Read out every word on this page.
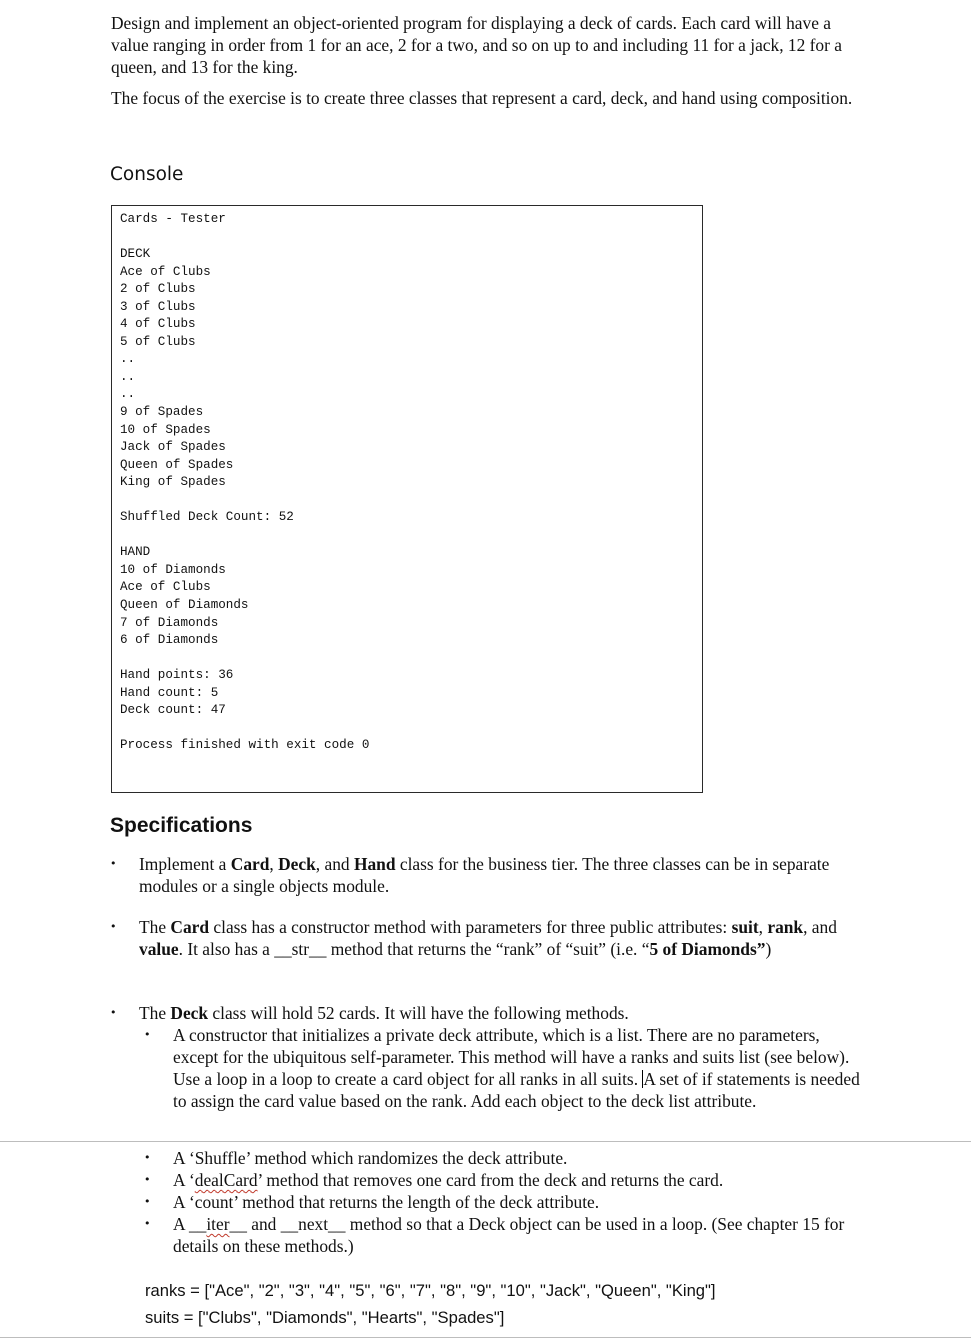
Design and implement an object-oriented program for displaying a deck of cards. Each card will have a value ranging in order from 1 for an ace, 2 for a two, and so on up to and including 11 for a jack, 12 for a queen, and 13 for the king.

The focus of the exercise is to create three classes that represent a card, deck, and hand using composition.

Console
Cards - Tester

DECK
Ace of Clubs
2 of Clubs
3 of Clubs
4 of Clubs
5 of Clubs
..
..
..
9 of Spades
10 of Spades
Jack of Spades
Queen of Spades
King of Spades

Shuffled Deck Count: 52

HAND
10 of Diamonds
Ace of Clubs
Queen of Diamonds
7 of Diamonds
6 of Diamonds

Hand points: 36
Hand count: 5
Deck count: 47

Process finished with exit code 0
Specifications
• Implement a Card, Deck, and Hand class for the business tier. The three classes can be in separate modules or a single objects module.
• The Card class has a constructor method with parameters for three public attributes: suit, rank, and value. It also has a __str__ method that returns the “rank” of “suit” (i.e. “5 of Diamonds”)
• The Deck class will hold 52 cards. It will have the following methods.
• A constructor that initializes a private deck attribute, which is a list. There are no parameters, except for the ubiquitous self-parameter. This method will have a ranks and suits list (see below). Use a loop in a loop to create a card object for all ranks in all suits. A set of if statements is needed to assign the card value based on the rank. Add each object to the deck list attribute.
• A ‘Shuffle’ method which randomizes the deck attribute.
• A ‘dealCard’ method that removes one card from the deck and returns the card.
• A ‘count’ method that returns the length of the deck attribute.
• A __iter__ and __next__ method so that a Deck object can be used in a loop. (See chapter 15 for details on these methods.)

ranks = ["Ace", "2", "3", "4", "5", "6", "7", "8", "9", "10", "Jack", "Queen", "King"]

suits = ["Clubs", "Diamonds", "Hearts", "Spades"]
